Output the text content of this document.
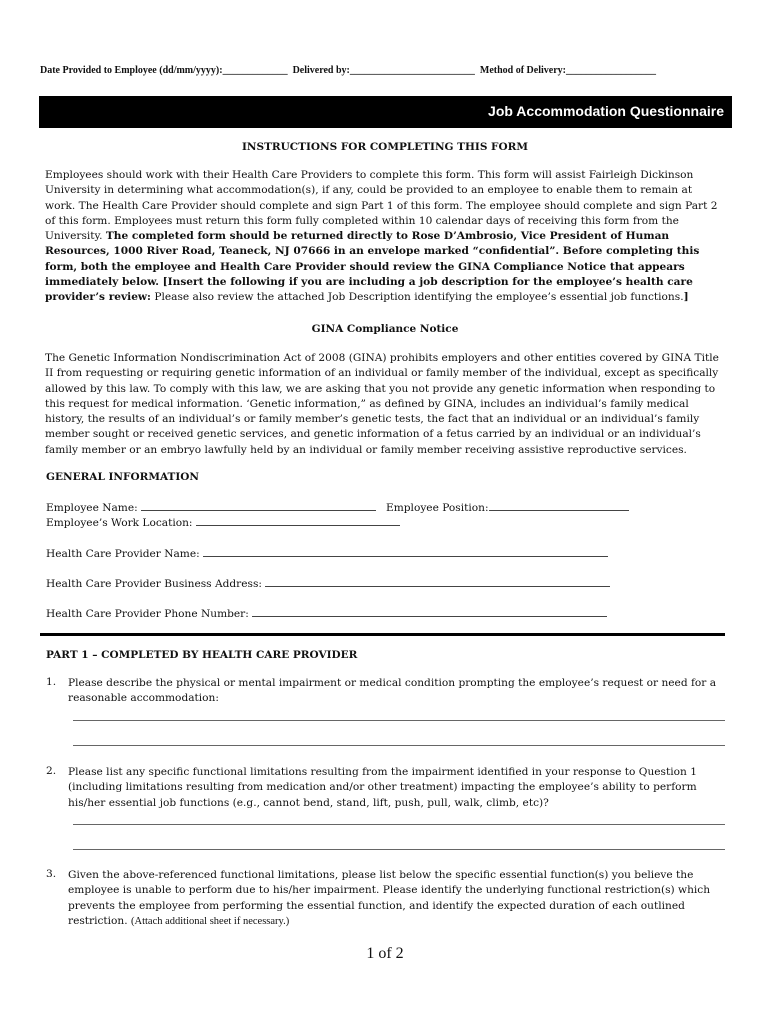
Date Provided to Employee (dd/mm/yyyy):_____________ Delivered by:_________________________ Method of Delivery:__________________
Job Accommodation Questionnaire
INSTRUCTIONS FOR COMPLETING THIS FORM
Employees should work with their Health Care Providers to complete this form. This form will assist Fairleigh Dickinson University in determining what accommodation(s), if any, could be provided to an employee to enable them to remain at work. The Health Care Provider should complete and sign Part 1 of this form. The employee should complete and sign Part 2 of this form. Employees must return this form fully completed within 10 calendar days of receiving this form from the University. The completed form should be returned directly to Rose D’Ambrosio, Vice President of Human Resources, 1000 River Road, Teaneck, NJ 07666 in an envelope marked “confidential”. Before completing this form, both the employee and Health Care Provider should review the GINA Compliance Notice that appears immediately below. [Insert the following if you are including a job description for the employee’s health care provider’s review: Please also review the attached Job Description identifying the employee’s essential job functions.]
GINA Compliance Notice
The Genetic Information Nondiscrimination Act of 2008 (GINA) prohibits employers and other entities covered by GINA Title II from requesting or requiring genetic information of an individual or family member of the individual, except as specifically allowed by this law. To comply with this law, we are asking that you not provide any genetic information when responding to this request for medical information. ‘Genetic information,” as defined by GINA, includes an individual’s family medical history, the results of an individual’s or family member’s genetic tests, the fact that an individual or an individual’s family member sought or received genetic services, and genetic information of a fetus carried by an individual or an individual’s family member or an embryo lawfully held by an individual or family member receiving assistive reproductive services.
GENERAL INFORMATION
Employee Name:	Employee Position:
Employee’s Work Location:
Health Care Provider Name:
Health Care Provider Business Address:
Health Care Provider Phone Number:
PART 1 – COMPLETED BY HEALTH CARE PROVIDER
1. Please describe the physical or mental impairment or medical condition prompting the employee’s request or need for a reasonable accommodation:
2. Please list any specific functional limitations resulting from the impairment identified in your response to Question 1 (including limitations resulting from medication and/or other treatment) impacting the employee’s ability to perform his/her essential job functions (e.g., cannot bend, stand, lift, push, pull, walk, climb, etc)?
3. Given the above-referenced functional limitations, please list below the specific essential function(s) you believe the employee is unable to perform due to his/her impairment. Please identify the underlying functional restriction(s) which prevents the employee from performing the essential function, and identify the expected duration of each outlined restriction. (Attach additional sheet if necessary.)
1 of 2
